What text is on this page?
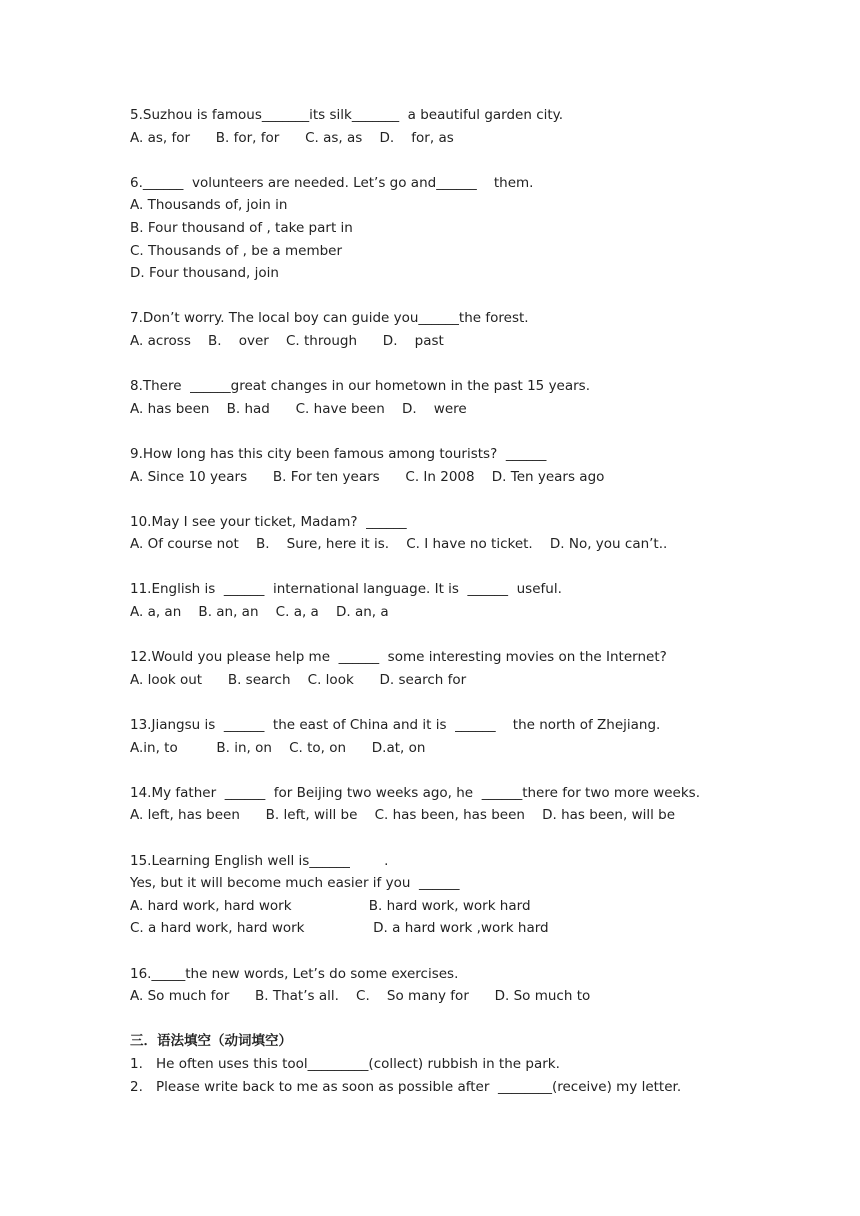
5.Suzhou is famous_______its silk_______  a beautiful garden city.
A. as, for      B. for, for      C. as, as    D.    for, as
6.______  volunteers are needed. Let’s go and______    them.
A. Thousands of, join in
B. Four thousand of , take part in
C. Thousands of , be a member
D. Four thousand, join
7.Don’t worry. The local boy can guide you______the forest.
A. across    B.    over    C. through      D.    past
8.There  ______great changes in our hometown in the past 15 years.
A. has been    B. had      C. have been    D.    were
9.How long has this city been famous among tourists?  ______
A. Since 10 years      B. For ten years      C. In 2008    D. Ten years ago
10.May I see your ticket, Madam?  ______
A. Of course not    B.    Sure, here it is.    C. I have no ticket.    D. No, you can’t..
11.English is  ______  international language. It is  ______  useful.
A. a, an    B. an, an    C. a, a    D. an, a
12.Would you please help me  ______  some interesting movies on the Internet?
A. look out      B. search    C. look      D. search for
13.Jiangsu is  ______  the east of China and it is  ______    the north of Zhejiang.
A.in, to         B. in, on    C. to, on      D.at, on
14.My father  ______  for Beijing two weeks ago, he  ______there for two more weeks.
A. left, has been      B. left, will be    C. has been, has been    D. has been, will be
15.Learning English well is______        .
Yes, but it will become much easier if you  ______
A. hard work, hard work                  B. hard work, work hard
C. a hard work, hard work                D. a hard work ,work hard
16._____the new words, Let’s do some exercises.
A. So much for      B. That’s all.    C.    So many for      D. So much to
三．语法填空（动词填空）
1. He often uses this tool_________(collect) rubbish in the park.
2. Please write back to me as soon as possible after  ________(receive) my letter.
